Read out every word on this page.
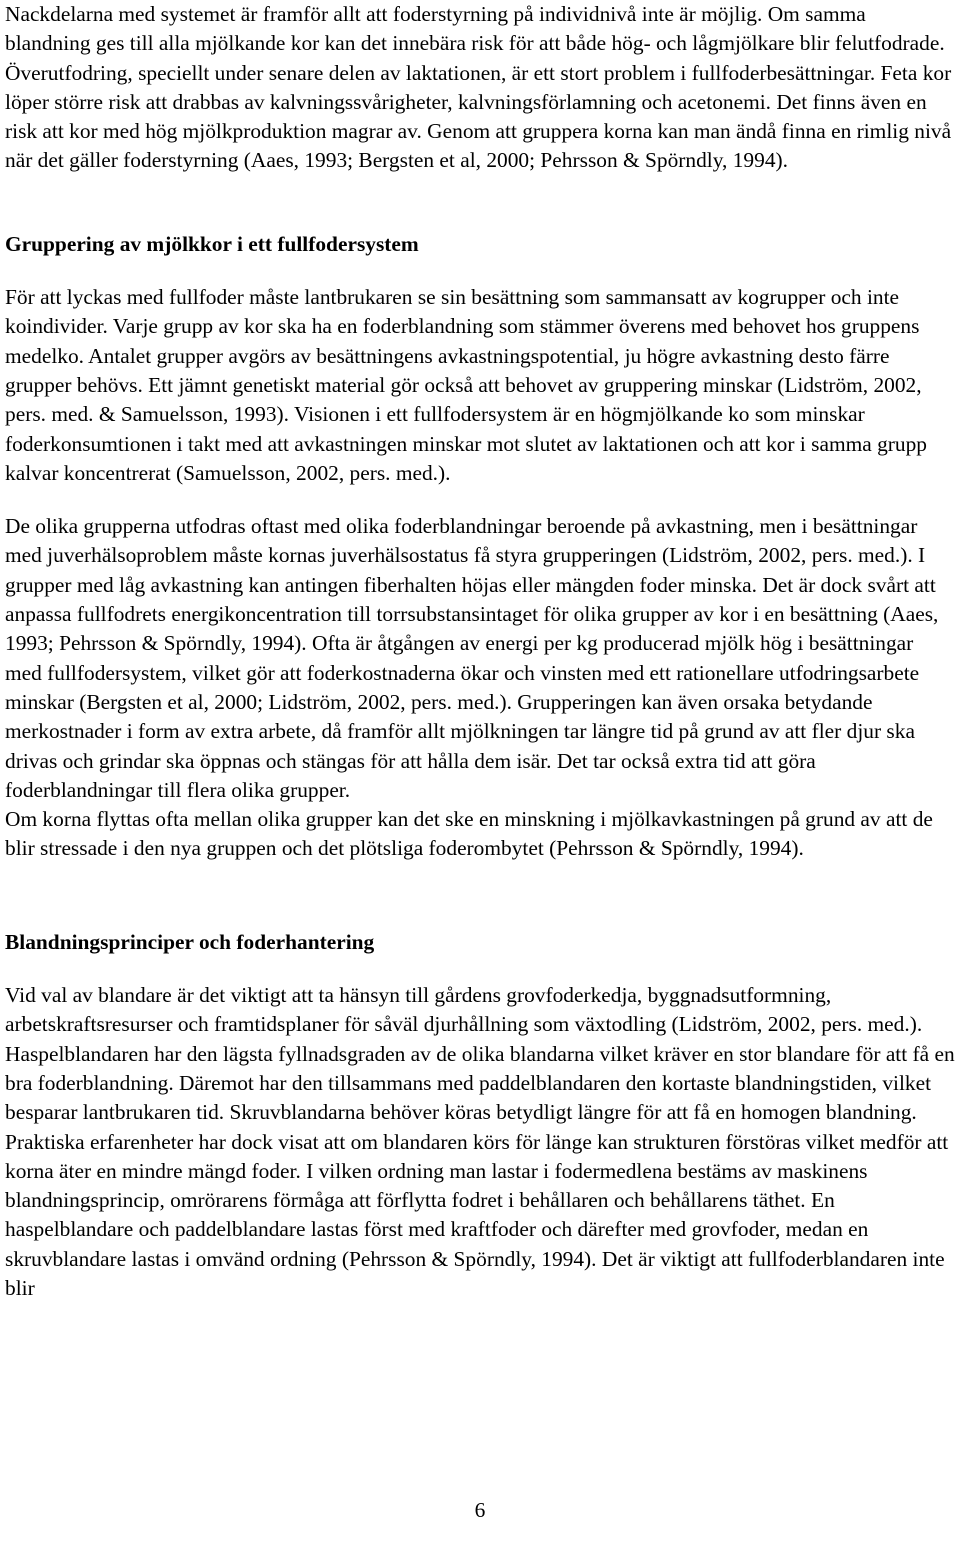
Nackdelarna med systemet är framför allt att foderstyrning på individnivå inte är möjlig. Om samma blandning ges till alla mjölkande kor kan det innebära risk för att både hög- och lågmjölkare blir felutfodrade. Överutfodring, speciellt under senare delen av laktationen, är ett stort problem i fullfoderbesättningar. Feta kor löper större risk att drabbas av kalvningssvårigheter, kalvningsförlamning och acetonemi. Det finns även en risk att kor med hög mjölkproduktion magrar av. Genom att gruppera korna kan man ändå finna en rimlig nivå när det gäller foderstyrning (Aaes, 1993; Bergsten et al, 2000; Pehrsson & Spörndly, 1994).

Gruppering av mjölkkor i ett fullfodersystem

För att lyckas med fullfoder måste lantbrukaren se sin besättning som sammansatt av kogrupper och inte koindivider. Varje grupp av kor ska ha en foderblandning som stämmer överens med behovet hos gruppens medelko. Antalet grupper avgörs av besättningens avkastningspotential, ju högre avkastning desto färre grupper behövs. Ett jämnt genetiskt material gör också att behovet av gruppering minskar (Lidström, 2002, pers. med. & Samuelsson, 1993). Visionen i ett fullfodersystem är en högmjölkande ko som minskar foderkonsumtionen i takt med att avkastningen minskar mot slutet av laktationen och att kor i samma grupp kalvar koncentrerat (Samuelsson, 2002, pers. med.).

De olika grupperna utfodras oftast med olika foderblandningar beroende på avkastning, men i besättningar med juverhälsoproblem måste kornas juverhälsostatus få styra grupperingen (Lidström, 2002, pers. med.). I grupper med låg avkastning kan antingen fiberhalten höjas eller mängden foder minska. Det är dock svårt att anpassa fullfodrets energikoncentration till torrsubstansintaget för olika grupper av kor i en besättning (Aaes, 1993; Pehrsson & Spörndly, 1994). Ofta är åtgången av energi per kg producerad mjölk hög i besättningar med fullfodersystem, vilket gör att foderkostnaderna ökar och vinsten med ett rationellare utfodringsarbete minskar (Bergsten et al, 2000; Lidström, 2002, pers. med.). Grupperingen kan även orsaka betydande merkostnader i form av extra arbete, då framför allt mjölkningen tar längre tid på grund av att fler djur ska drivas och grindar ska öppnas och stängas för att hålla dem isär. Det tar också extra tid att göra foderblandningar till flera olika grupper.

Om korna flyttas ofta mellan olika grupper kan det ske en minskning i mjölkavkastningen på grund av att de blir stressade i den nya gruppen och det plötsliga foderombytet (Pehrsson & Spörndly, 1994).

Blandningsprinciper och foderhantering

Vid val av blandare är det viktigt att ta hänsyn till gårdens grovfoderkedja, byggnadsutformning, arbetskraftsresurser och framtidsplaner för såväl djurhållning som växtodling (Lidström, 2002, pers. med.). Haspelblandaren har den lägsta fyllnadsgraden av de olika blandarna vilket kräver en stor blandare för att få en bra foderblandning. Däremot har den tillsammans med paddelblandaren den kortaste blandningstiden, vilket besparar lantbrukaren tid. Skruvblandarna behöver köras betydligt längre för att få en homogen blandning. Praktiska erfarenheter har dock visat att om blandaren körs för länge kan strukturen förstöras vilket medför att korna äter en mindre mängd foder. I vilken ordning man lastar i fodermedlena bestäms av maskinens blandningsprincip, omrörarens förmåga att förflytta fodret i behållaren och behållarens täthet. En haspelblandare och paddelblandare lastas först med kraftfoder och därefter med grovfoder, medan en skruvblandare lastas i omvänd ordning (Pehrsson & Spörndly, 1994). Det är viktigt att fullfoderblandaren inte blir

6
